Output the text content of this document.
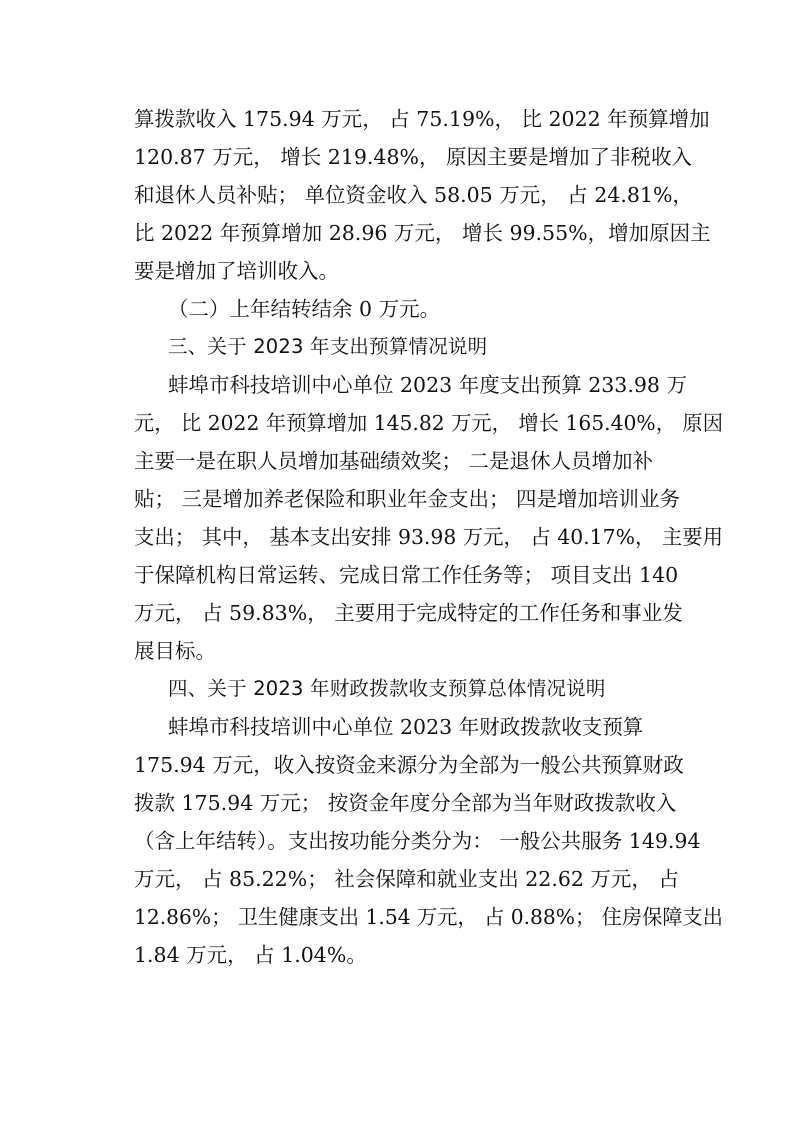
算拨款收入 175.94 万元， 占 75.19%， 比 2022 年预算增加
120.87 万元， 增长 219.48%， 原因主要是增加了非税收入
和退休人员补贴； 单位资金收入 58.05 万元， 占 24.81%，
比 2022 年预算增加 28.96 万元， 增长 99.55%，增加原因主
要是增加了培训收入。
（二）上年结转结余 0 万元。
三、关于 2023 年支出预算情况说明
蚌埠市科技培训中心单位 2023 年度支出预算 233.98 万
元， 比 2022 年预算增加 145.82 万元， 增长 165.40%， 原因
主要一是在职人员增加基础绩效奖； 二是退休人员增加补
贴； 三是增加养老保险和职业年金支出； 四是增加培训业务
支出； 其中， 基本支出安排 93.98 万元， 占 40.17%， 主要用
于保障机构日常运转、完成日常工作任务等； 项目支出 140
万元， 占 59.83%， 主要用于完成特定的工作任务和事业发
展目标。
四、关于 2023 年财政拨款收支预算总体情况说明
蚌埠市科技培训中心单位 2023 年财政拨款收支预算
175.94 万元，收入按资金来源分为全部为一般公共预算财政
拨款 175.94 万元； 按资金年度分全部为当年财政拨款收入
（含上年结转）。支出按功能分类分为： 一般公共服务 149.94
万元， 占 85.22%； 社会保障和就业支出 22.62 万元， 占
12.86%； 卫生健康支出 1.54 万元， 占 0.88%； 住房保障支出
1.84 万元， 占 1.04%。
